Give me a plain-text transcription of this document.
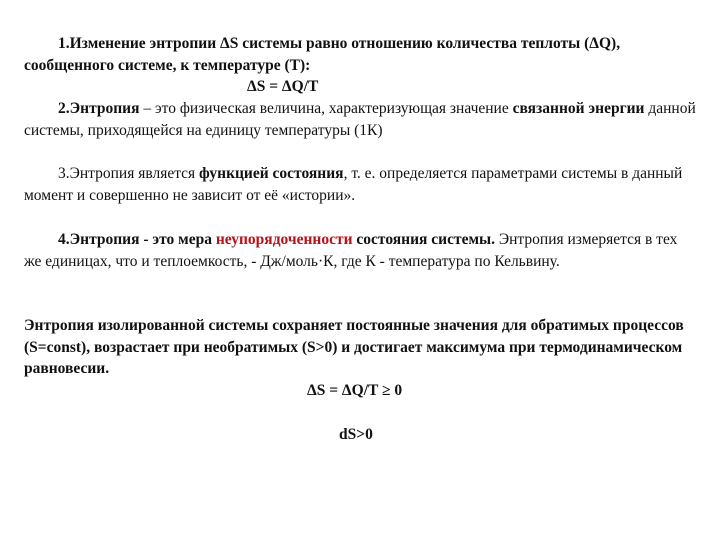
1.Изменение энтропии ΔS системы равно отношению количества теплоты (ΔQ), сообщенного системе, к температуре (Т):
ΔS = ΔQ/T
2.Энтропия – это физическая величина, характеризующая значение связанной энергии данной системы, приходящейся на единицу температуры (1К)
3.Энтропия является функцией состояния, т. е. определяется параметрами системы в данный момент и совершенно не зависит от её «истории».
4.Энтропия - это мера неупорядоченности состояния системы. Энтропия измеряется в тех же единицах, что и теплоемкость, - Дж/моль·К, где К - температура по Кельвину.
Энтропия изолированной системы сохраняет постоянные значения для обратимых процессов (S=const), возрастает при необратимых (S>0) и достигает максимума при термодинамическом равновесии.
ΔS = ΔQ/T ≥ 0
dS>0
